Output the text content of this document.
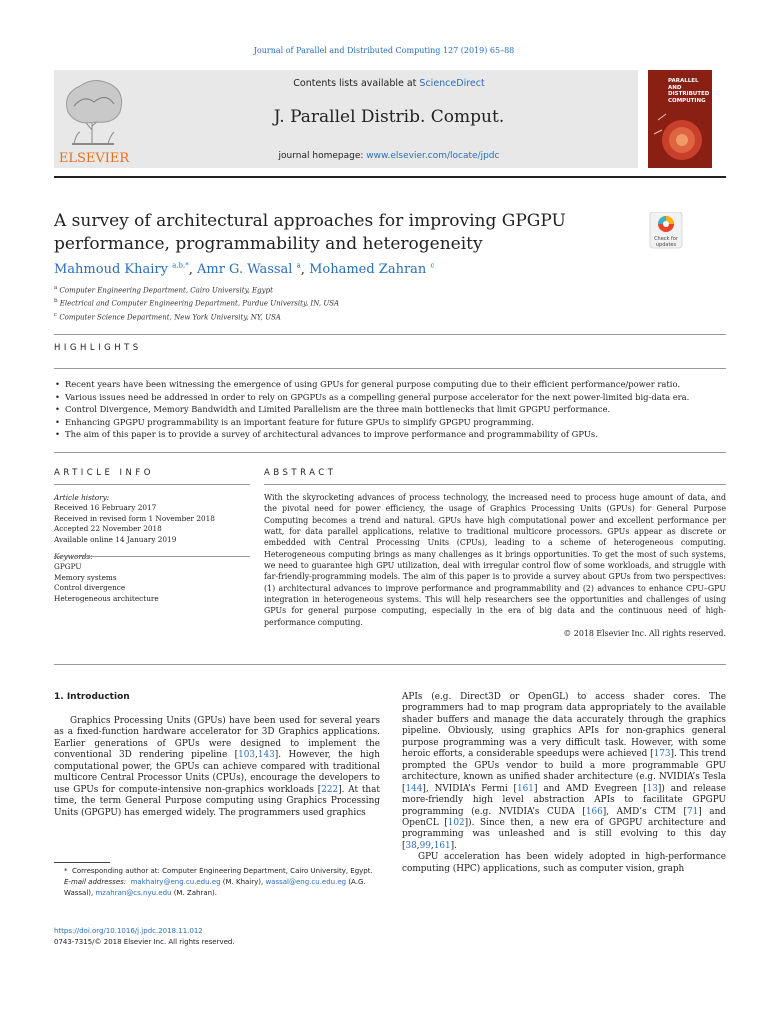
Journal of Parallel and Distributed Computing 127 (2019) 65–88
ELSEVIER
Contents lists available at ScienceDirect
J. Parallel Distrib. Comput.
journal homepage: www.elsevier.com/locate/jpdc
PARALLEL AND DISTRIBUTED COMPUTING
A survey of architectural approaches for improving GPGPU
performance, programmability and heterogeneity	Check for
updates
Mahmoud Khairy $^{a,b,*}$, Amr G. Wassal $^a$, Mohamed Zahran $^c$
$^a$ Computer Engineering Department, Cairo University, Egypt
$^b$ Electrical and Computer Engineering Department, Purdue University, IN, USA
$^c$ Computer Science Department, New York University, NY, USA
HIGHLIGHTS
• Recent years have been witnessing the emergence of using GPUs for general purpose computing due to their efficient performance/power ratio.
• Various issues need be addressed in order to rely on GPGPUs as a compelling general purpose accelerator for the next power-limited big-data era.
• Control Divergence, Memory Bandwidth and Limited Parallelism are the three main bottlenecks that limit GPGPU performance.
• Enhancing GPGPU programmability is an important feature for future GPUs to simplify GPGPU programming.
• The aim of this paper is to provide a survey of architectural advances to improve performance and programmability of GPUs.
ARTICLE INFO
Article history:
Received 16 February 2017
Received in revised form 1 November 2018
Accepted 22 November 2018
Available online 14 January 2019
GPGPU
Memory systems
Control divergence
Heterogeneous architecture
ABSTRACT
With the skyrocketing advances of process technology, the increased need to process huge amount of data, and the pivotal need for power efficiency, the usage of Graphics Processing Units (GPUs) for General Purpose Computing becomes a trend and natural. GPUs have high computational power and excellent performance per watt, for data parallel applications, relative to traditional multicore processors. GPUs appear as discrete or embedded with Central Processing Units (CPUs), leading to a scheme of heterogeneous computing. Heterogeneous computing brings as many challenges as it brings opportunities. To get the most of such systems, we need to guarantee high GPU utilization, deal with irregular control flow of some workloads, and struggle with far-friendly-programming models. The aim of this paper is to provide a survey about GPUs from two perspectives: (1) architectural advances to improve performance and programmability and (2) advances to enhance CPU–GPU integration in heterogeneous systems. This will help researchers see the opportunities and challenges of using GPUs for general purpose computing, especially in the era of big data and the continuous need of high-performance computing.
© 2018 Elsevier Inc. All rights reserved.
1. Introduction

Graphics Processing Units (GPUs) have been used for several years as a fixed-function hardware accelerator for 3D Graphics applications. Earlier generations of GPUs were designed to implement the conventional 3D rendering pipeline [103,143]. However, the high computational power, the GPUs can achieve compared with traditional multicore Central Processor Units (CPUs), encourage the developers to use GPUs for compute-intensive non-graphics workloads [222]. At that time, the term General Purpose computing using Graphics Processing Units (GPGPU) has emerged widely. The programmers used graphics

APIs (e.g. Direct3D or OpenGL) to access shader cores. The programmers had to map program data appropriately to the available shader buffers and manage the data accurately through the graphics pipeline. Obviously, using graphics APIs for non-graphics general purpose programming was a very difficult task. However, with some heroic efforts, a considerable speedups were achieved [173]. This trend prompted the GPUs vendor to build a more programmable GPU architecture, known as unified shader architecture (e.g. NVIDIA’s Tesla [144], NVIDIA’s Fermi [161] and AMD Evegreen [13]) and release more-friendly high level abstraction APIs to facilitate GPGPU programming (e.g. NVIDIA’s CUDA [166], AMD’s CTM [71] and OpenCL [102]). Since then, a new era of GPGPU architecture and programming was unleashed and is still evolving to this day [38,99,161].

GPU acceleration has been widely adopted in high-performance computing (HPC) applications, such as computer vision, graph

* Corresponding author at: Computer Engineering Department, Cairo University, Egypt.
E-mail addresses: makhairy@eng.cu.edu.eg (M. Khairy), wassal@eng.cu.edu.eg (A.G. Wassal), mzahran@cs.nyu.edu (M. Zahran).
https://doi.org/10.1016/j.jpdc.2018.11.012
0743-7315/© 2018 Elsevier Inc. All rights reserved.
